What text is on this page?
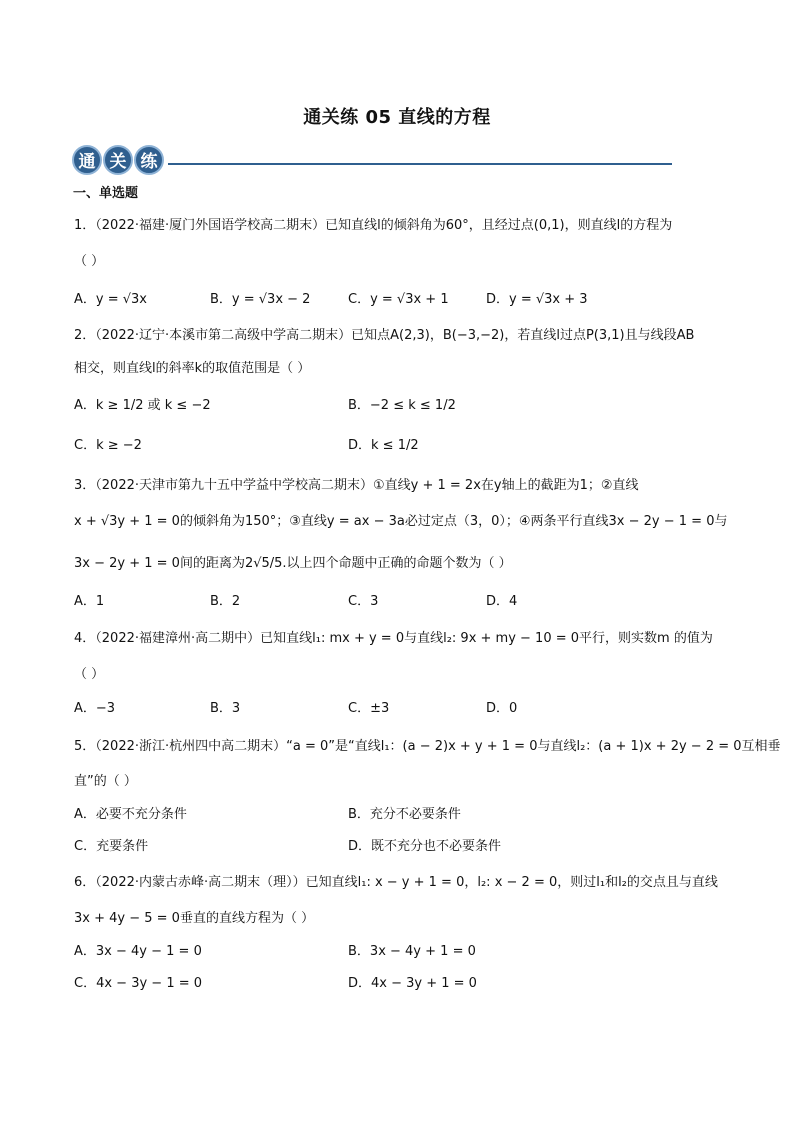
通关练 05 直线的方程
通 关 练
一、单选题
1．（2022·福建·厦门外国语学校高二期末）已知直线l的倾斜角为60°，且经过点(0,1)，则直线l的方程为
（ ）
A．y = √3x	B．y = √3x − 2	C．y = √3x + 1	D．y = √3x + 3
2．（2022·辽宁·本溪市第二高级中学高二期末）已知点A(2,3)，B(−3,−2)，若直线l过点P(3,1)且与线段AB
相交，则直线l的斜率k的取值范围是（ ）
A．k ≥ 1/2 或 k ≤ −2	B．−2 ≤ k ≤ 1/2
C．k ≥ −2	D．k ≤ 1/2
3．（2022·天津市第九十五中学益中学校高二期末）①直线y + 1 = 2x在y轴上的截距为1；②直线
x + √3y + 1 = 0的倾斜角为150°；③直线y = ax − 3a必过定点（3，0）；④两条平行直线3x − 2y − 1 = 0与
3x − 2y + 1 = 0间的距离为2√5/5.以上四个命题中正确的命题个数为（ ）
A．1	B．2	C．3	D．4
4．（2022·福建漳州·高二期中）已知直线l₁: mx + y = 0与直线l₂: 9x + my − 10 = 0平行，则实数m 的值为
（ ）
A．−3	B．3	C．±3	D．0
5．（2022·浙江·杭州四中高二期末）“a = 0”是“直线l₁：(a − 2)x + y + 1 = 0与直线l₂：(a + 1)x + 2y − 2 = 0互相垂
直”的（ ）
A．必要不充分条件	B．充分不必要条件
C．充要条件	D．既不充分也不必要条件
6．（2022·内蒙古赤峰·高二期末（理））已知直线l₁: x − y + 1 = 0，l₂: x − 2 = 0，则过l₁和l₂的交点且与直线
3x + 4y − 5 = 0垂直的直线方程为（ ）
A．3x − 4y − 1 = 0	B．3x − 4y + 1 = 0
C．4x − 3y − 1 = 0	D．4x − 3y + 1 = 0
